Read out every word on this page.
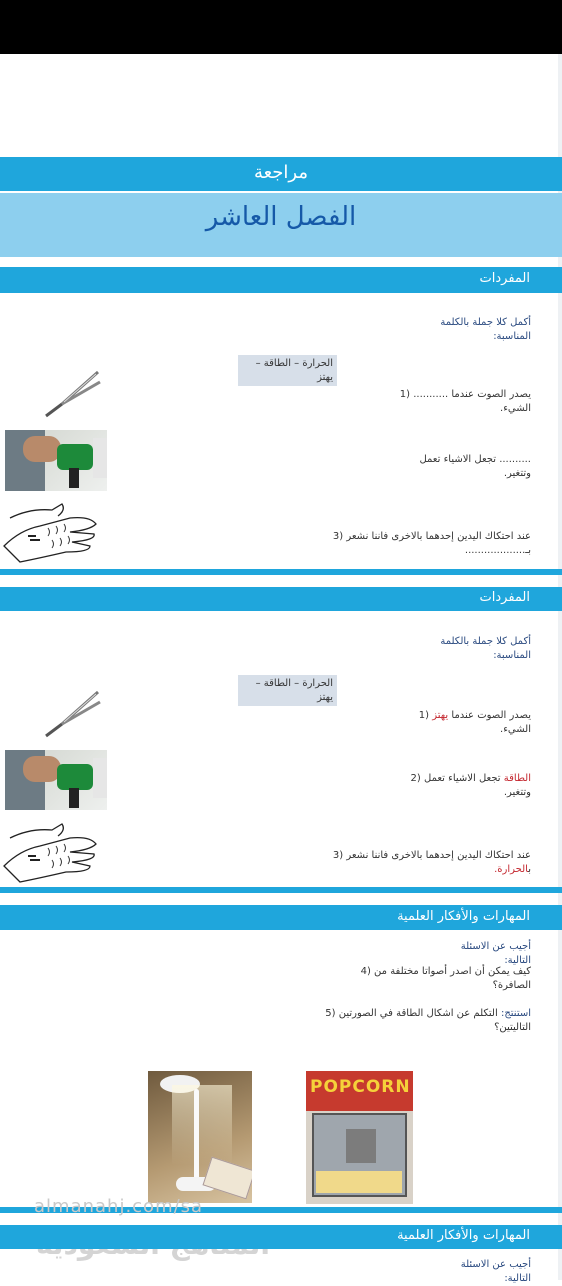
مراجعة
الفصل العاشر
المفردات
أكمل كلا جملة بالكلمة
المناسبة:
الحرارة – الطاقة –
يهتز
يصدر الصوت عندما ........... (1
الشيء.
.......... تجعل الاشياء تعمل
وتتغير.
عند احتكاك اليدين إحدهما بالاخرى فاننا نشعر (3
بـ...................
المفردات
أكمل كلا جملة بالكلمة
المناسبة:
الحرارة – الطاقة –
يهتز
يصدر الصوت عندما يهتز (1
الشيء.
الطاقة تجعل الاشياء تعمل (2
وتتغير.
عند احتكاك اليدين إحدهما بالاخرى فاننا نشعر (3
بالحرارة.
المهارات والأفكار العلمية
أجيب عن الاسئلة
التالية:
كيف يمكن أن اصدر أصواتا مختلفة من (4
الصافرة؟
استنتج: التكلم عن اشكال الطاقة في الصورتين (5
التاليتين؟
POPCORN
almanahj.com/sa
المهارات والأفكار العلمية
أجيب عن الاسئلة
التالية:
